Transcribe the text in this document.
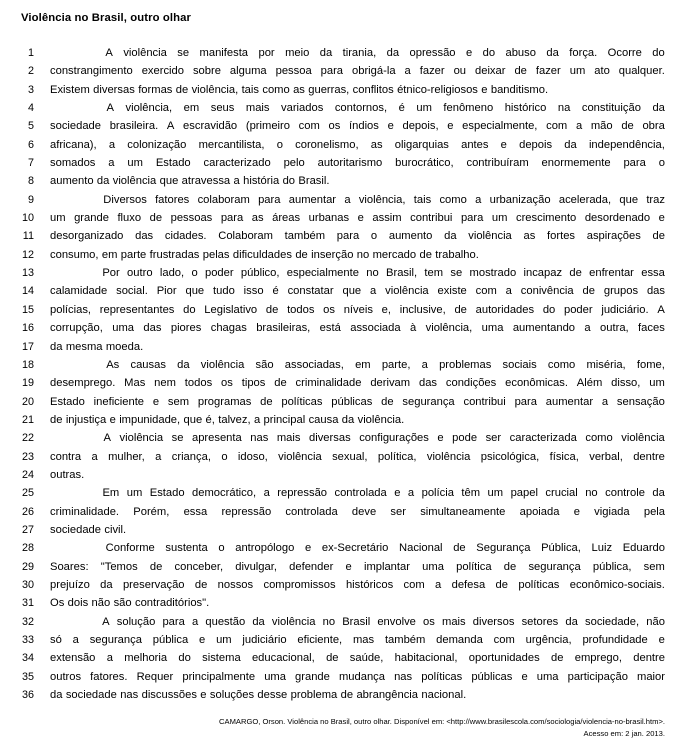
Violência no Brasil, outro olhar
1	A violência se manifesta por meio da tirania, da opressão e do abuso da força. Ocorre do
2 constrangimento exercido sobre alguma pessoa para obrigá-la a fazer ou deixar de fazer um ato qualquer.
3 Existem diversas formas de violência, tais como as guerras, conflitos étnico-religiosos e banditismo.
4	A violência, em seus mais variados contornos, é um fenômeno histórico na constituição da
5 sociedade brasileira. A escravidão (primeiro com os índios e depois, e especialmente, com a mão de obra
6 africana), a colonização mercantilista, o coronelismo, as oligarquias antes e depois da independência,
7 somados a um Estado caracterizado pelo autoritarismo burocrático, contribuíram enormemente para o
8 aumento da violência que atravessa a história do Brasil.
9	Diversos fatores colaboram para aumentar a violência, tais como a urbanização acelerada, que traz
10 um grande fluxo de pessoas para as áreas urbanas e assim contribui para um crescimento desordenado e
11 desorganizado das cidades. Colaboram também para o aumento da violência as fortes aspirações de
12 consumo, em parte frustradas pelas dificuldades de inserção no mercado de trabalho.
13	Por outro lado, o poder público, especialmente no Brasil, tem se mostrado incapaz de enfrentar essa
14 calamidade social. Pior que tudo isso é constatar que a violência existe com a conivência de grupos das
15 polícias, representantes do Legislativo de todos os níveis e, inclusive, de autoridades do poder judiciário. A
16 corrupção, uma das piores chagas brasileiras, está associada à violência, uma aumentando a outra, faces
17 da mesma moeda.
18	As causas da violência são associadas, em parte, a problemas sociais como miséria, fome,
19 desemprego. Mas nem todos os tipos de criminalidade derivam das condições econômicas. Além disso, um
20 Estado ineficiente e sem programas de políticas públicas de segurança contribui para aumentar a sensação
21 de injustiça e impunidade, que é, talvez, a principal causa da violência.
22	A violência se apresenta nas mais diversas configurações e pode ser caracterizada como violência
23 contra a mulher, a criança, o idoso, violência sexual, política, violência psicológica, física, verbal, dentre
24 outras.
25	Em um Estado democrático, a repressão controlada e a polícia têm um papel crucial no controle da
26 criminalidade. Porém, essa repressão controlada deve ser simultaneamente apoiada e vigiada pela
27 sociedade civil.
28	Conforme sustenta o antropólogo e ex-Secretário Nacional de Segurança Pública, Luiz Eduardo
29 Soares: "Temos de conceber, divulgar, defender e implantar uma política de segurança pública, sem
30 prejuízo da preservação de nossos compromissos históricos com a defesa de políticas econômico-sociais.
31 Os dois não são contraditórios".
32	A solução para a questão da violência no Brasil envolve os mais diversos setores da sociedade, não
33 só a segurança pública e um judiciário eficiente, mas também demanda com urgência, profundidade e
34 extensão a melhoria do sistema educacional, de saúde, habitacional, oportunidades de emprego, dentre
35 outros fatores. Requer principalmente uma grande mudança nas políticas públicas e uma participação maior
36 da sociedade nas discussões e soluções desse problema de abrangência nacional.
CAMARGO, Orson. Violência no Brasil, outro olhar. Disponível em: <http://www.brasilescola.com/sociologia/violencia-no-brasil.htm>.
Acesso em: 2 jan. 2013.
